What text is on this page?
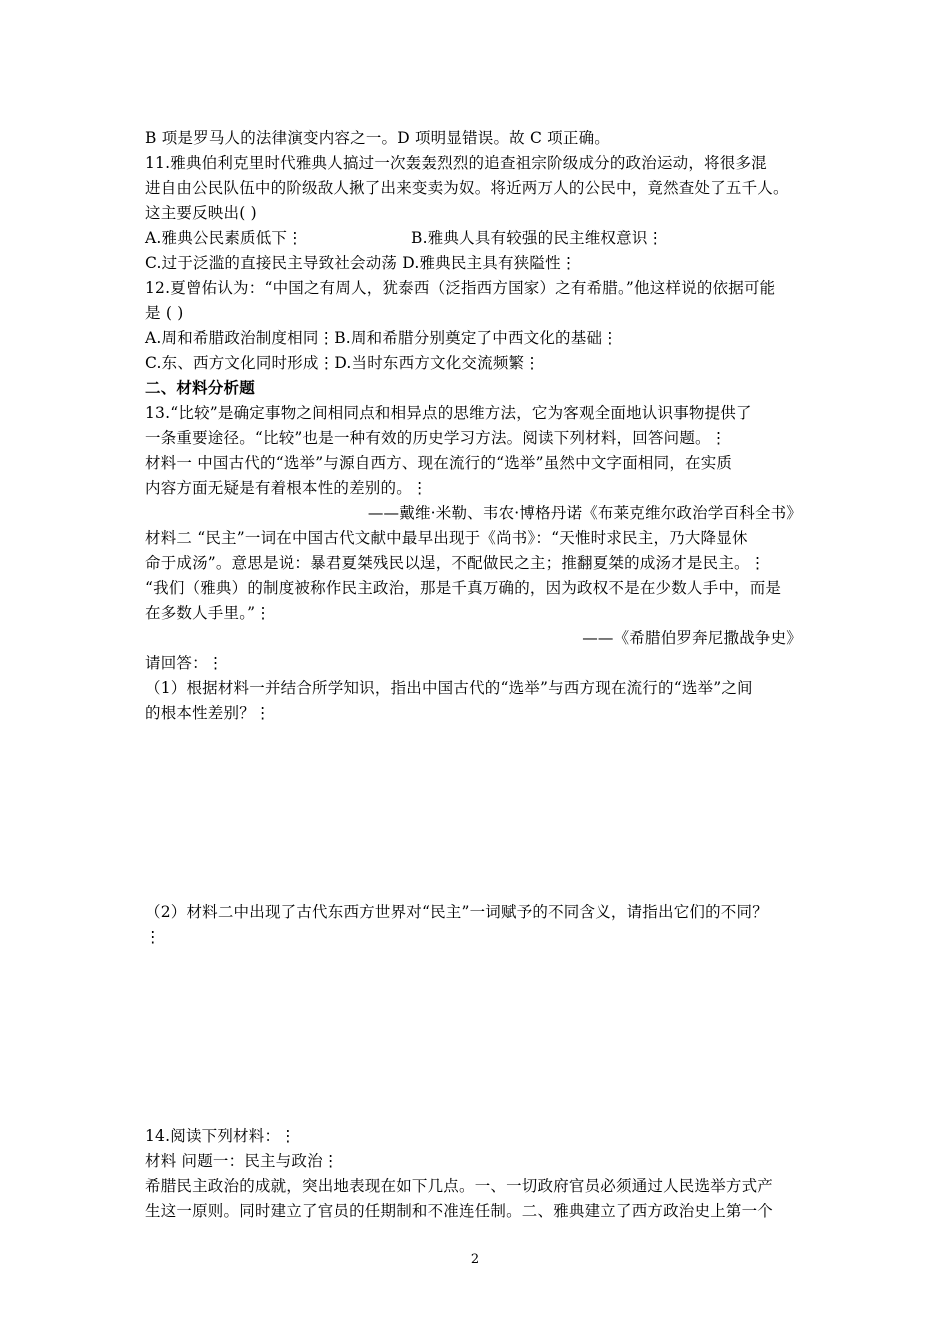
B 项是罗马人的法律演变内容之一。D 项明显错误。故 C 项正确。
11.雅典伯利克里时代雅典人搞过一次轰轰烈烈的追查祖宗阶级成分的政治运动，将很多混
进自由公民队伍中的阶级敌人揪了出来变卖为奴。将近两万人的公民中，竟然查处了五千人。
这主要反映出( )
A.雅典公民素质低下⋮	B.雅典人具有较强的民主维权意识⋮
C.过于泛滥的直接民主导致社会动荡 D.雅典民主具有狭隘性⋮
12.夏曾佑认为：“中国之有周人，犹泰西（泛指西方国家）之有希腊。”他这样说的依据可能
是 ( )
A.周和希腊政治制度相同⋮B.周和希腊分别奠定了中西文化的基础⋮
C.东、西方文化同时形成⋮D.当时东西方文化交流频繁⋮
二、材料分析题
13.“比较”是确定事物之间相同点和相异点的思维方法，它为客观全面地认识事物提供了
一条重要途径。“比较”也是一种有效的历史学习方法。阅读下列材料，回答问题。⋮
材料一 中国古代的“选举”与源自西方、现在流行的“选举”虽然中文字面相同，在实质
内容方面无疑是有着根本性的差别的。⋮
——戴维·米勒、韦农·博格丹诺《布莱克维尔政治学百科全书》
材料二 “民主”一词在中国古代文献中最早出现于《尚书》：“天惟时求民主，乃大降显休
命于成汤”。意思是说：暴君夏桀残民以逞，不配做民之主；推翻夏桀的成汤才是民主。⋮
“我们（雅典）的制度被称作民主政治，那是千真万确的，因为政权不是在少数人手中，而是
在多数人手里。”⋮
——《希腊伯罗奔尼撒战争史》
请回答：⋮
（1）根据材料一并结合所学知识，指出中国古代的“选举”与西方现在流行的“选举”之间
的根本性差别？⋮
（2）材料二中出现了古代东西方世界对“民主”一词赋予的不同含义，请指出它们的不同？
⋮
14.阅读下列材料：⋮
材料 问题一：民主与政治⋮
希腊民主政治的成就，突出地表现在如下几点。一、一切政府官员必须通过人民选举方式产
生这一原则。同时建立了官员的任期制和不准连任制。二、雅典建立了西方政治史上第一个
2
